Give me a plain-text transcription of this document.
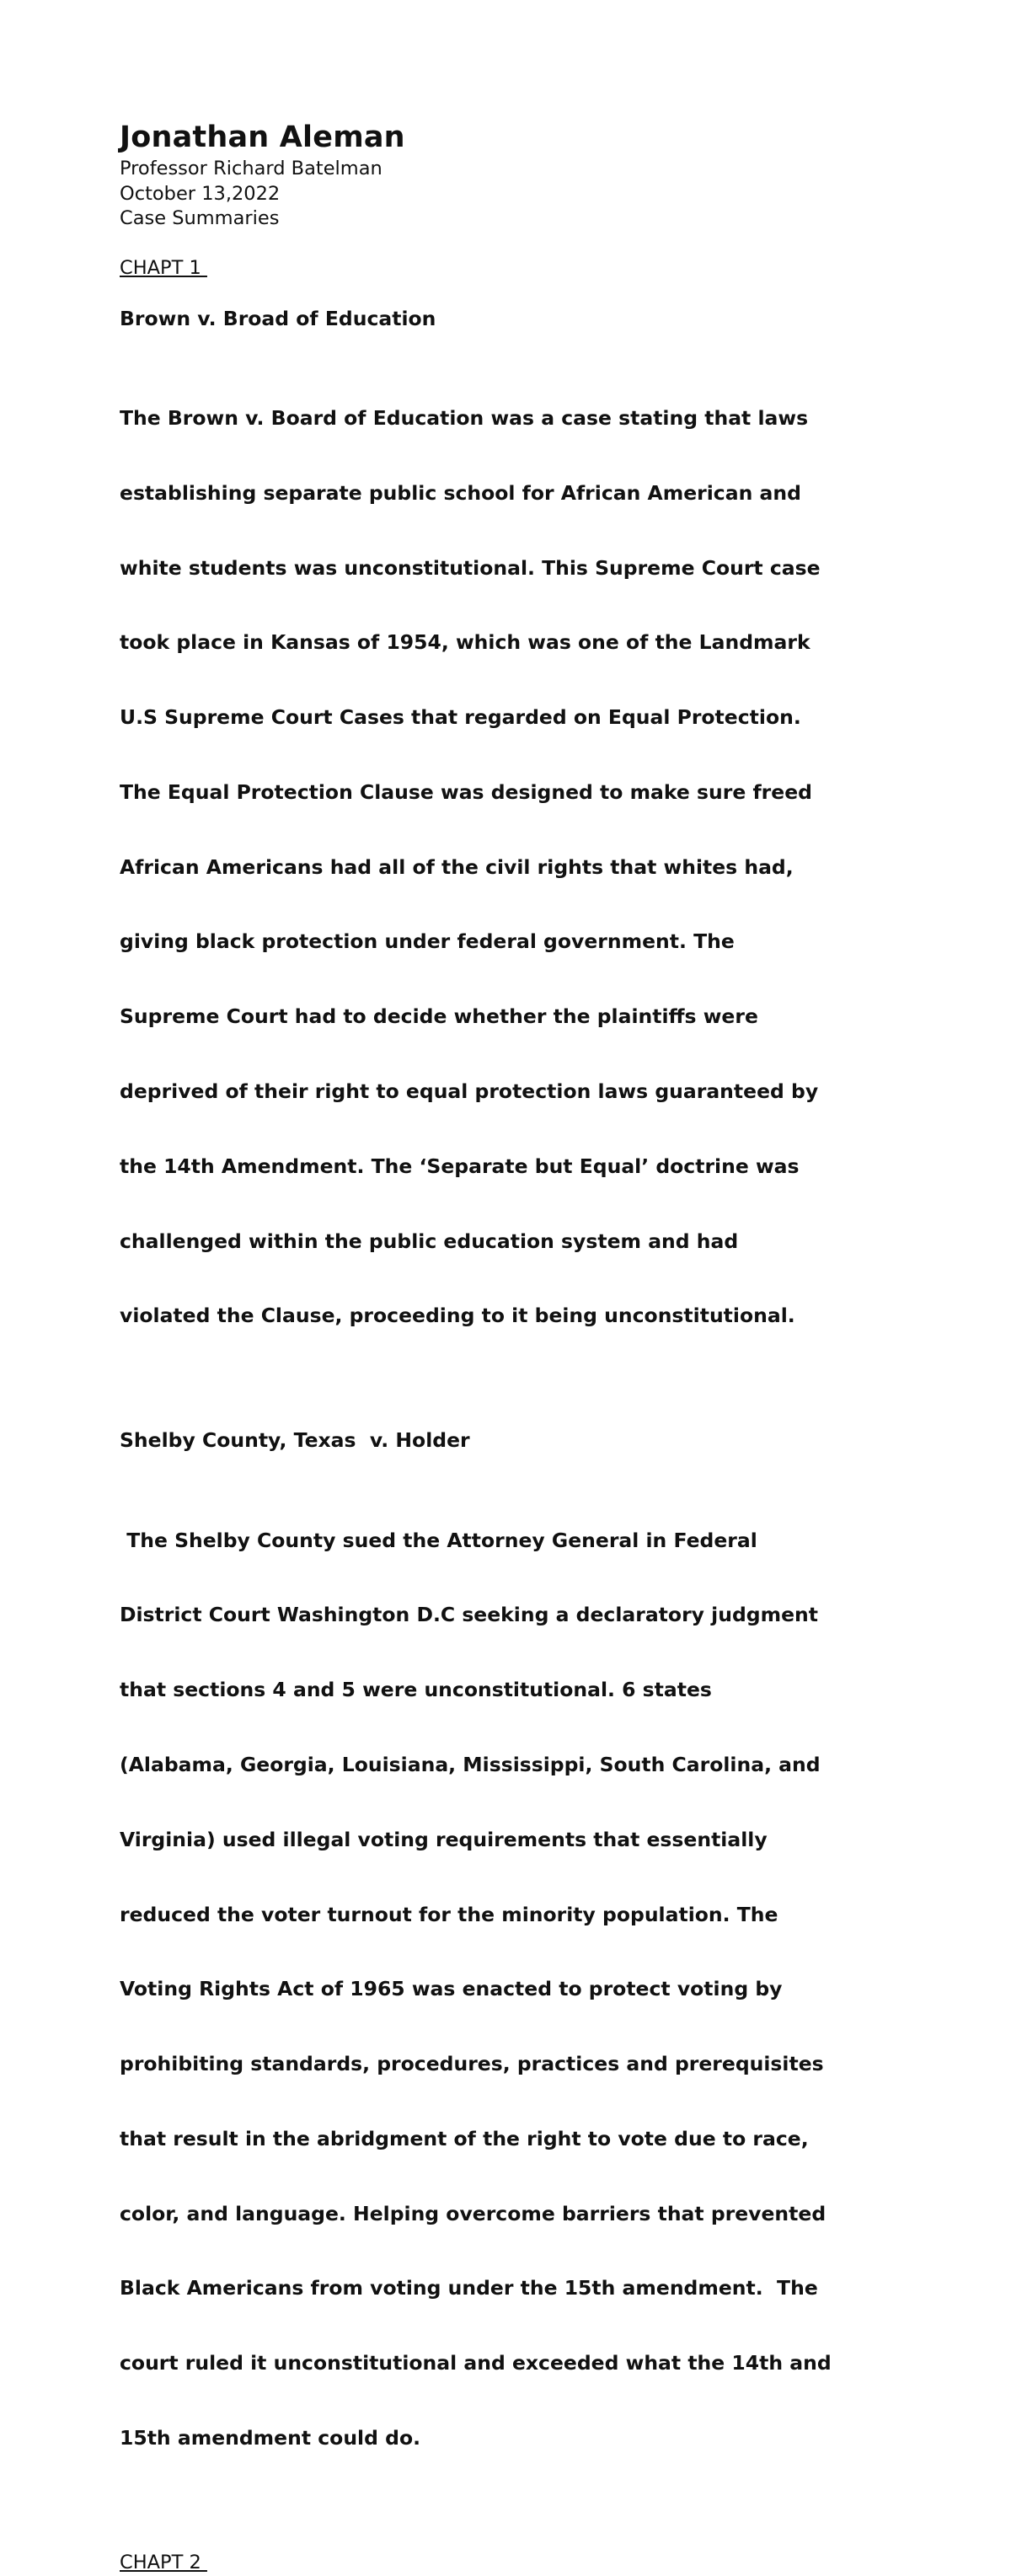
Jonathan Aleman

Professor Richard Batelman

October 13,2022

Case Summaries

CHAPT 1

Brown v. Broad of Education

The Brown v. Board of Education was a case stating that laws

establishing separate public school for African American and

white students was unconstitutional. This Supreme Court case

took place in Kansas of 1954, which was one of the Landmark

U.S Supreme Court Cases that regarded on Equal Protection.

The Equal Protection Clause was designed to make sure freed

African Americans had all of the civil rights that whites had,

giving black protection under federal government. The

Supreme Court had to decide whether the plaintiffs were

deprived of their right to equal protection laws guaranteed by

the 14th Amendment. The ‘Separate but Equal’ doctrine was

challenged within the public education system and had

violated the Clause, proceeding to it being unconstitutional.

Shelby County, Texas  v. Holder

The Shelby County sued the Attorney General in Federal

District Court Washington D.C seeking a declaratory judgment

that sections 4 and 5 were unconstitutional. 6 states

(Alabama, Georgia, Louisiana, Mississippi, South Carolina, and

Virginia) used illegal voting requirements that essentially

reduced the voter turnout for the minority population. The

Voting Rights Act of 1965 was enacted to protect voting by

prohibiting standards, procedures, practices and prerequisites

that result in the abridgment of the right to vote due to race,

color, and language. Helping overcome barriers that prevented

Black Americans from voting under the 15th amendment.  The

court ruled it unconstitutional and exceeded what the 14th and

15th amendment could do.

CHAPT 2
